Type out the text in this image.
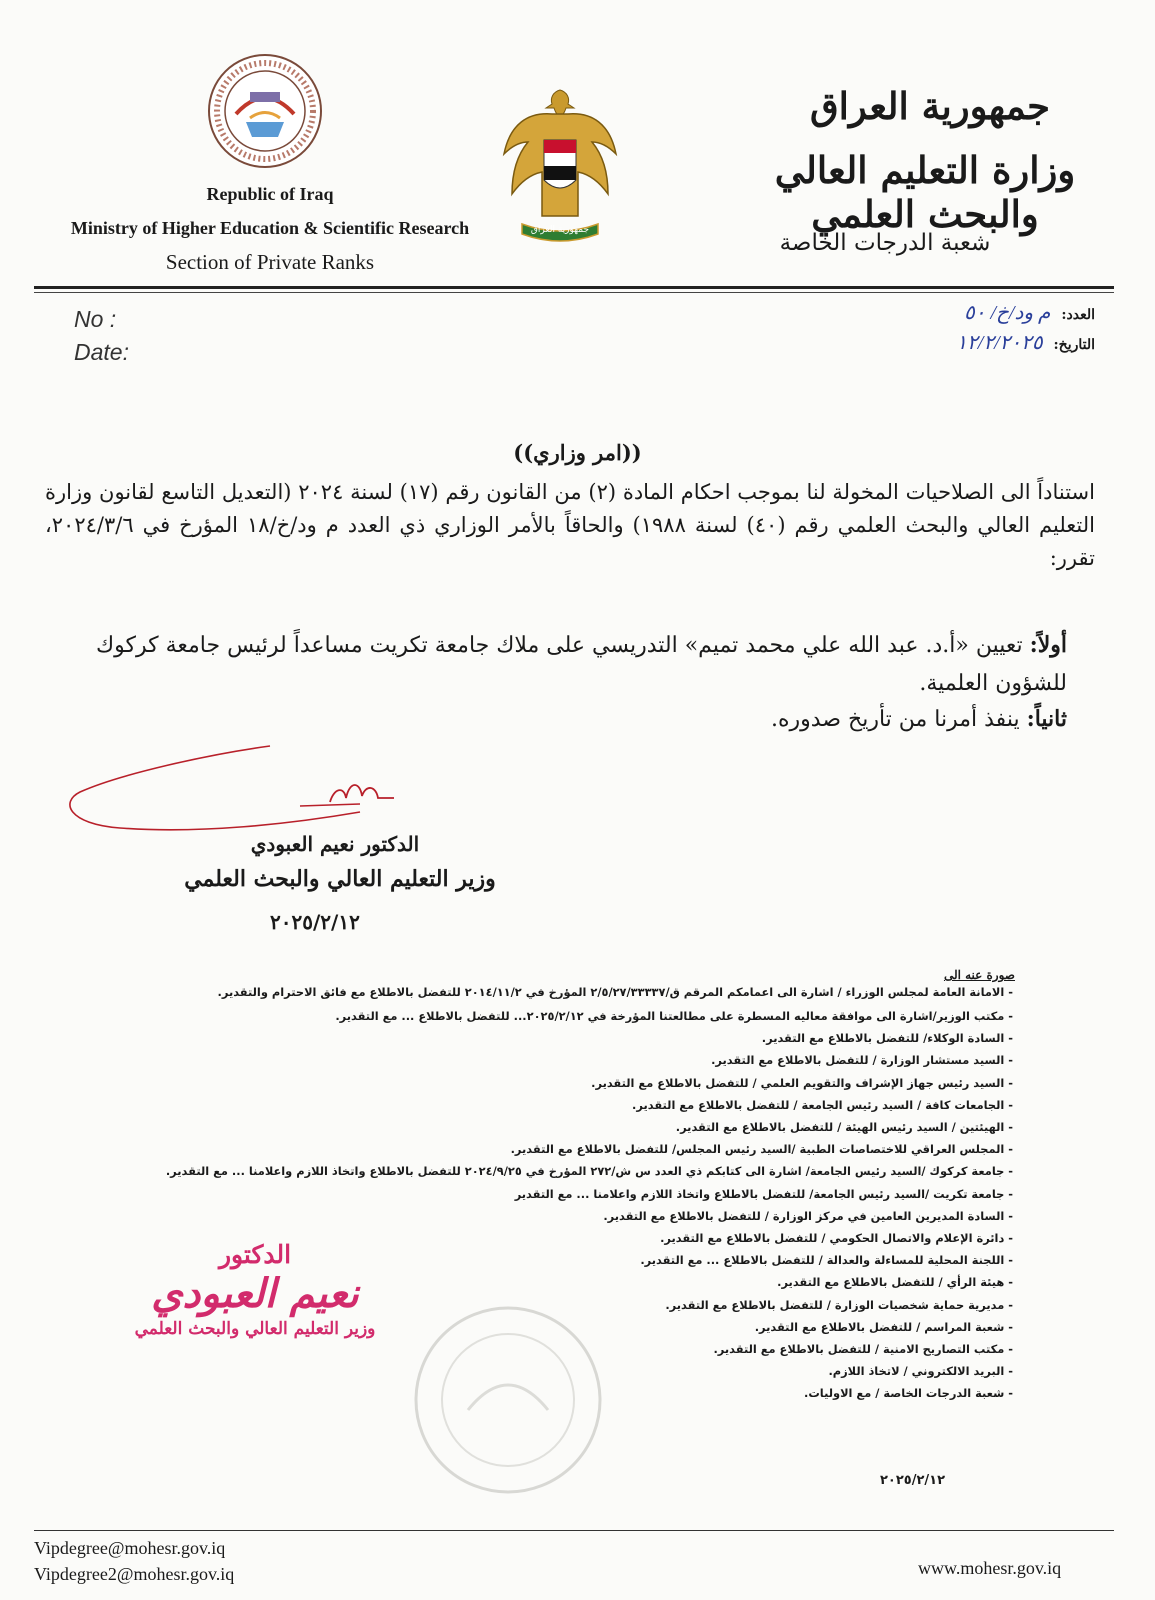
Republic of Iraq
Ministry of Higher Education & Scientific Research
Section of Private Ranks
جمهورية العراق
جمهورية العراق
وزارة التعليم العالي والبحث العلمي
شعبة الدرجات الخاصة
No :
Date:
العدد: م ود/خ/ ٥٠
التاريخ: ١٢/٢/٢٠٢٥
((امر وزاري))
استناداً الى الصلاحيات المخولة لنا بموجب احكام المادة (٢) من القانون رقم (١٧) لسنة ٢٠٢٤ (التعديل التاسع لقانون وزارة التعليم العالي والبحث العلمي رقم (٤٠) لسنة ١٩٨٨) والحاقاً بالأمر الوزاري ذي العدد م ود/خ/١٨ المؤرخ في ٢٠٢٤/٣/٦، تقرر:
أولاً: تعيين «أ.د. عبد الله علي محمد تميم» التدريسي على ملاك جامعة تكريت مساعداً لرئيس جامعة كركوك للشؤون العلمية.
ثانياً: ينفذ أمرنا من تأريخ صدوره.
الدكتور نعيم العبودي
وزير التعليم العالي والبحث العلمي
٢٠٢٥/٢/١٢
صورة عنه الى
- الامانة العامة لمجلس الوزراء / اشارة الى اعمامكم المرقم ق/٢/٥/٢٧/٣٣٣٣٧ المؤرخ في ٢٠١٤/١١/٢ للتفضل بالاطلاع مع فائق الاحترام والتقدير.
- مكتب الوزير/اشارة الى موافقة معاليه المسطرة على مطالعتنا المؤرخة في ٢٠٢٥/٢/١٢... للتفضل بالاطلاع ... مع التقدير.
- السادة الوكلاء/ للتفضل بالاطلاع مع التقدير.
- السيد مستشار الوزارة / للتفضل بالاطلاع مع التقدير.
- السيد رئيس جهاز الإشراف والتقويم العلمي / للتفضل بالاطلاع مع التقدير.
- الجامعات كافة / السيد رئيس الجامعة / للتفضل بالاطلاع مع التقدير.
- الهيئتين / السيد رئيس الهيئة / للتفضل بالاطلاع مع التقدير.
- المجلس العراقي للاختصاصات الطبية /السيد رئيس المجلس/ للتفضل بالاطلاع مع التقدير.
- جامعة كركوك /السيد رئيس الجامعة/ اشارة الى كتابكم ذي العدد س ش/٢٧٢ المؤرخ في ٢٠٢٤/٩/٢٥ للتفضل بالاطلاع واتخاذ اللازم واعلامنا ... مع التقدير.
- جامعة تكريت /السيد رئيس الجامعة/ للتفضل بالاطلاع واتخاذ اللازم واعلامنا ... مع التقدير
- السادة المديرين العامين في مركز الوزارة / للتفضل بالاطلاع مع التقدير.
- دائرة الإعلام والاتصال الحكومي / للتفضل بالاطلاع مع التقدير.
- اللجنة المحلية للمساءلة والعدالة / للتفضل بالاطلاع ... مع التقدير.
- هيئة الرأي / للتفضل بالاطلاع مع التقدير.
- مديرية حماية شخصيات الوزارة / للتفضل بالاطلاع مع التقدير.
- شعبة المراسم / للتفضل بالاطلاع مع التقدير.
- مكتب التصاريح الامنية / للتفضل بالاطلاع مع التقدير.
- البريد الالكتروني / لاتخاذ اللازم.
- شعبة الدرجات الخاصة / مع الاوليات.
٢٠٢٥/٢/١٢
الدكتور
نعيم العبودي
وزير التعليم العالي والبحث العلمي
Vipdegree@mohesr.gov.iq
Vipdegree2@mohesr.gov.iq	www.mohesr.gov.iq
